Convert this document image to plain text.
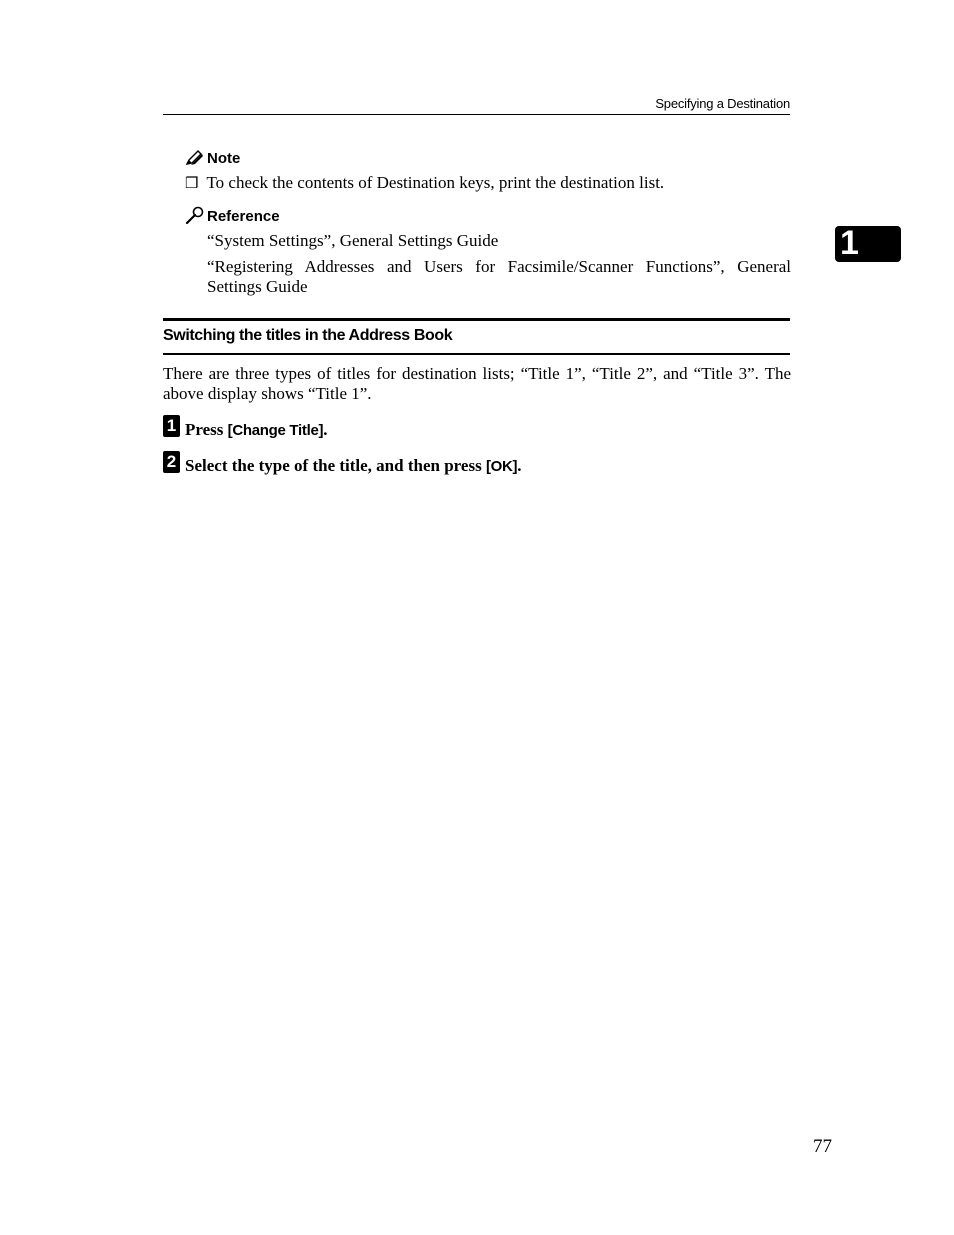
Specifying a Destination
1
Note
❒ To check the contents of Destination keys, print the destination list.
Reference
“System Settings”, General Settings Guide
“Registering Addresses and Users for Facsimile/Scanner Functions”, General Settings Guide
Switching the titles in the Address Book
There are three types of titles for destination lists; “Title 1”, “Title 2”, and “Title 3”. The above display shows “Title 1”.
1 Press [Change Title].
2 Select the type of the title, and then press [OK].
77
